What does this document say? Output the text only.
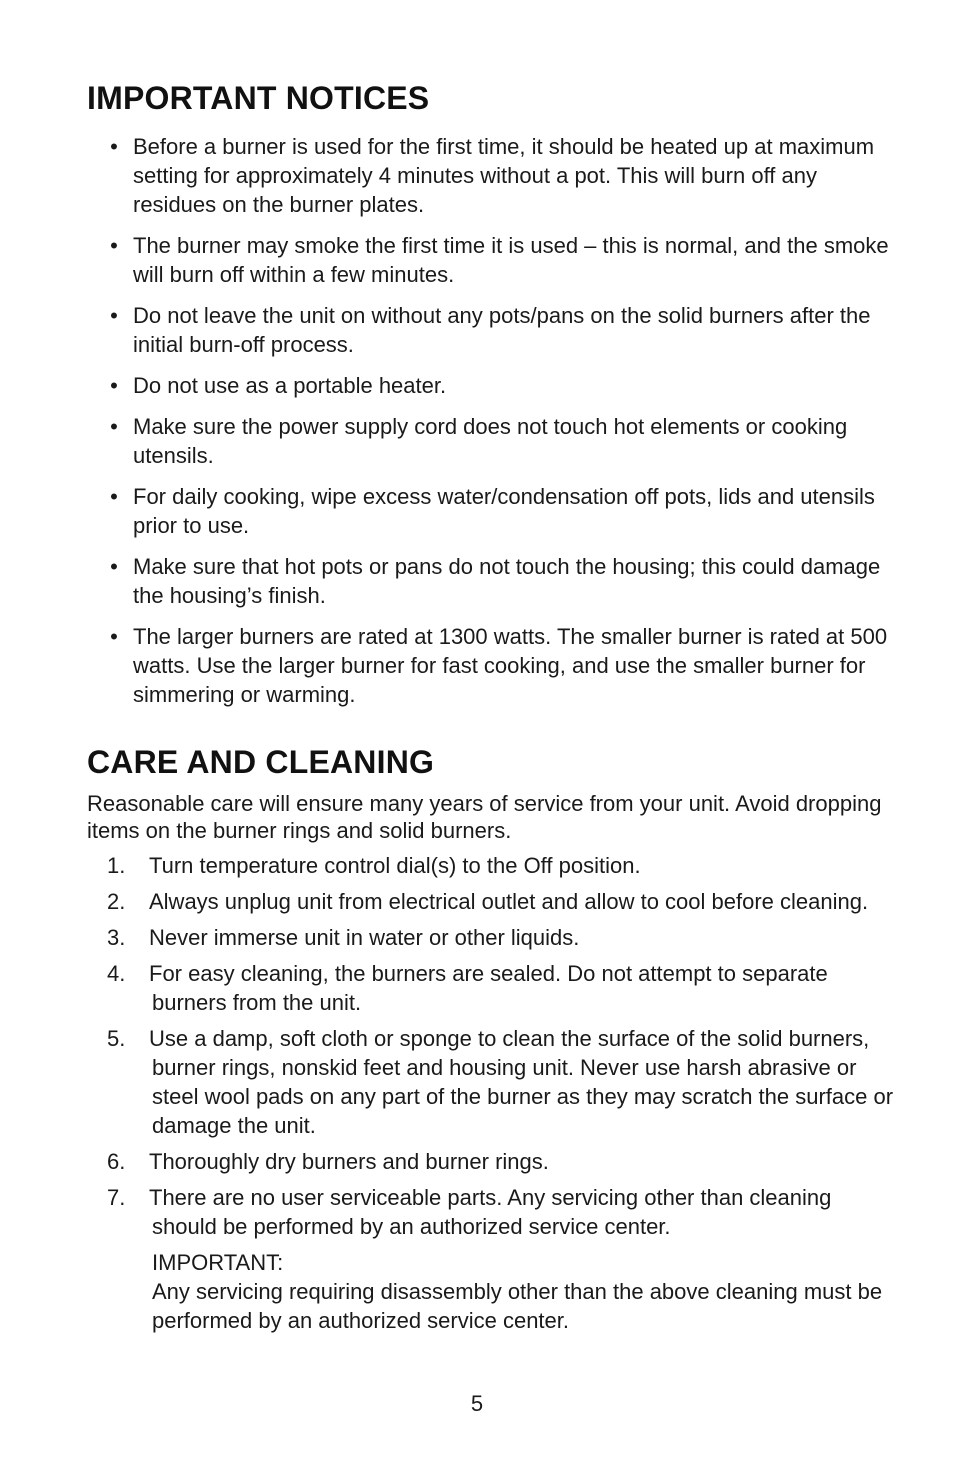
IMPORTANT NOTICES
• Before a burner is used for the first time, it should be heated up at maximum setting for approximately 4 minutes without a pot. This will burn off any residues on the burner plates.
• The burner may smoke the first time it is used – this is normal, and the smoke will burn off within a few minutes.
• Do not leave the unit on without any pots/pans on the solid burners after the initial burn-off process.
• Do not use as a portable heater.
• Make sure the power supply cord does not touch hot elements or cooking utensils.
• For daily cooking, wipe excess water/condensation off pots, lids and utensils prior to use.
• Make sure that hot pots or pans do not touch the housing; this could damage the housing’s finish.
• The larger burners are rated at 1300 watts. The smaller burner is rated at 500 watts. Use the larger burner for fast cooking, and use the smaller burner for simmering or warming.
CARE AND CLEANING

Reasonable care will ensure many years of service from your unit. Avoid dropping items on the burner rings and solid burners.

1. Turn temperature control dial(s) to the Off position.
2. Always unplug unit from electrical outlet and allow to cool before cleaning.
3. Never immerse unit in water or other liquids.
4. For easy cleaning, the burners are sealed. Do not attempt to separate burners from the unit.
5. Use a damp, soft cloth or sponge to clean the surface of the solid burners, burner rings, nonskid feet and housing unit. Never use harsh abrasive or steel wool pads on any part of the burner as they may scratch the surface or damage the unit.
6. Thoroughly dry burners and burner rings.
7. There are no user serviceable parts. Any servicing other than cleaning should be performed by an authorized service center.
IMPORTANT:
Any servicing requiring disassembly other than the above cleaning must be performed by an authorized service center.
5
